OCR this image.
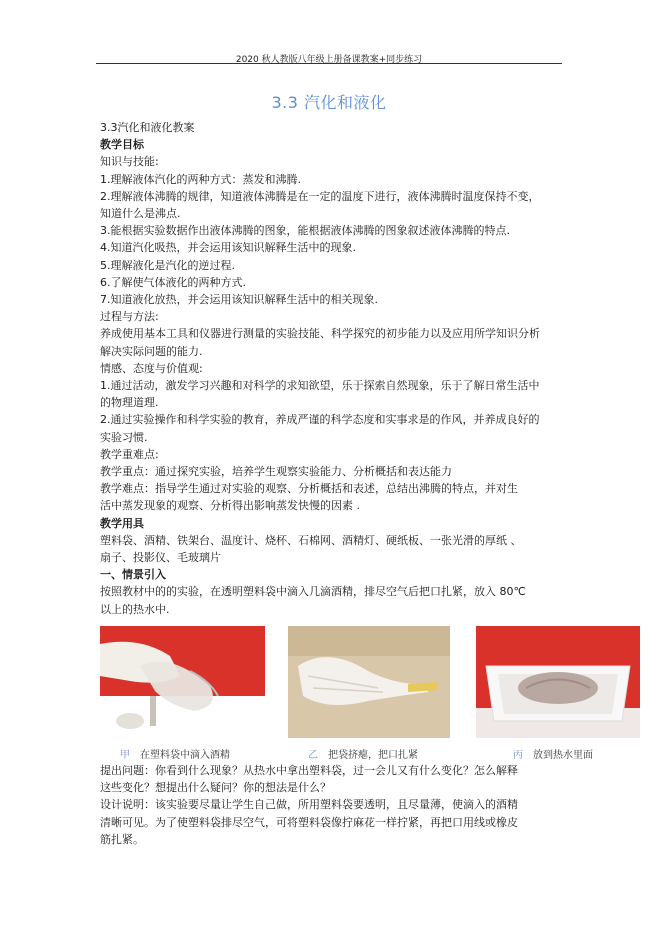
2020 秋人教版八年级上册备课教案+同步练习
3.3 汽化和液化
3.3汽化和液化教案
教学目标
知识与技能:
1.理解液体汽化的两种方式：蒸发和沸腾.
2.理解液体沸腾的规律，知道液体沸腾是在一定的温度下进行，液体沸腾时温度保持不变，
知道什么是沸点.
3.能根据实验数据作出液体沸腾的图象，能根据液体沸腾的图象叙述液体沸腾的特点.
4.知道汽化吸热，并会运用该知识解释生活中的现象.
5.理解液化是汽化的逆过程.
6.了解使气体液化的两种方式.
7.知道液化放热，并会运用该知识解释生活中的相关现象.
过程与方法:
养成使用基本工具和仪器进行测量的实验技能、科学探究的初步能力以及应用所学知识分析
解决实际问题的能力.
情感、态度与价值观:
1.通过活动，激发学习兴趣和对科学的求知欲望，乐于探索自然现象，乐于了解日常生活中
的物理道理.
2.通过实验操作和科学实验的教育，养成严谨的科学态度和实事求是的作风，并养成良好的
实验习惯.
教学重难点:
教学重点：通过探究实验，培养学生观察实验能力、分析概括和表达能力
教学难点：指导学生通过对实验的观察、分析概括和表述，总结出沸腾的特点，并对生
活中蒸发现象的观察、分析得出影响蒸发快慢的因素 .
教学用具
塑料袋、酒精、铁架台、温度计、烧杯、石棉网、酒精灯、硬纸板、一张光滑的厚纸 、
扇子、投影仪、毛玻璃片
一、情景引入
按照教材中的的实验，在透明塑料袋中滴入几滴酒精，排尽空气后把口扎紧，放入 80℃
以上的热水中.
甲 在塑料袋中滴入酒精	乙 把袋挤瘪，把口扎紧	丙 放到热水里面
提出问题：你看到什么现象？从热水中拿出塑料袋，过一会儿又有什么变化？怎么解释
这些变化？想提出什么疑问？你的想法是什么？
设计说明：该实验要尽量让学生自己做，所用塑料袋要透明，且尽量薄，使滴入的酒精
清晰可见。为了使塑料袋排尽空气，可将塑料袋像拧麻花一样拧紧，再把口用线或橡皮
筋扎紧。
